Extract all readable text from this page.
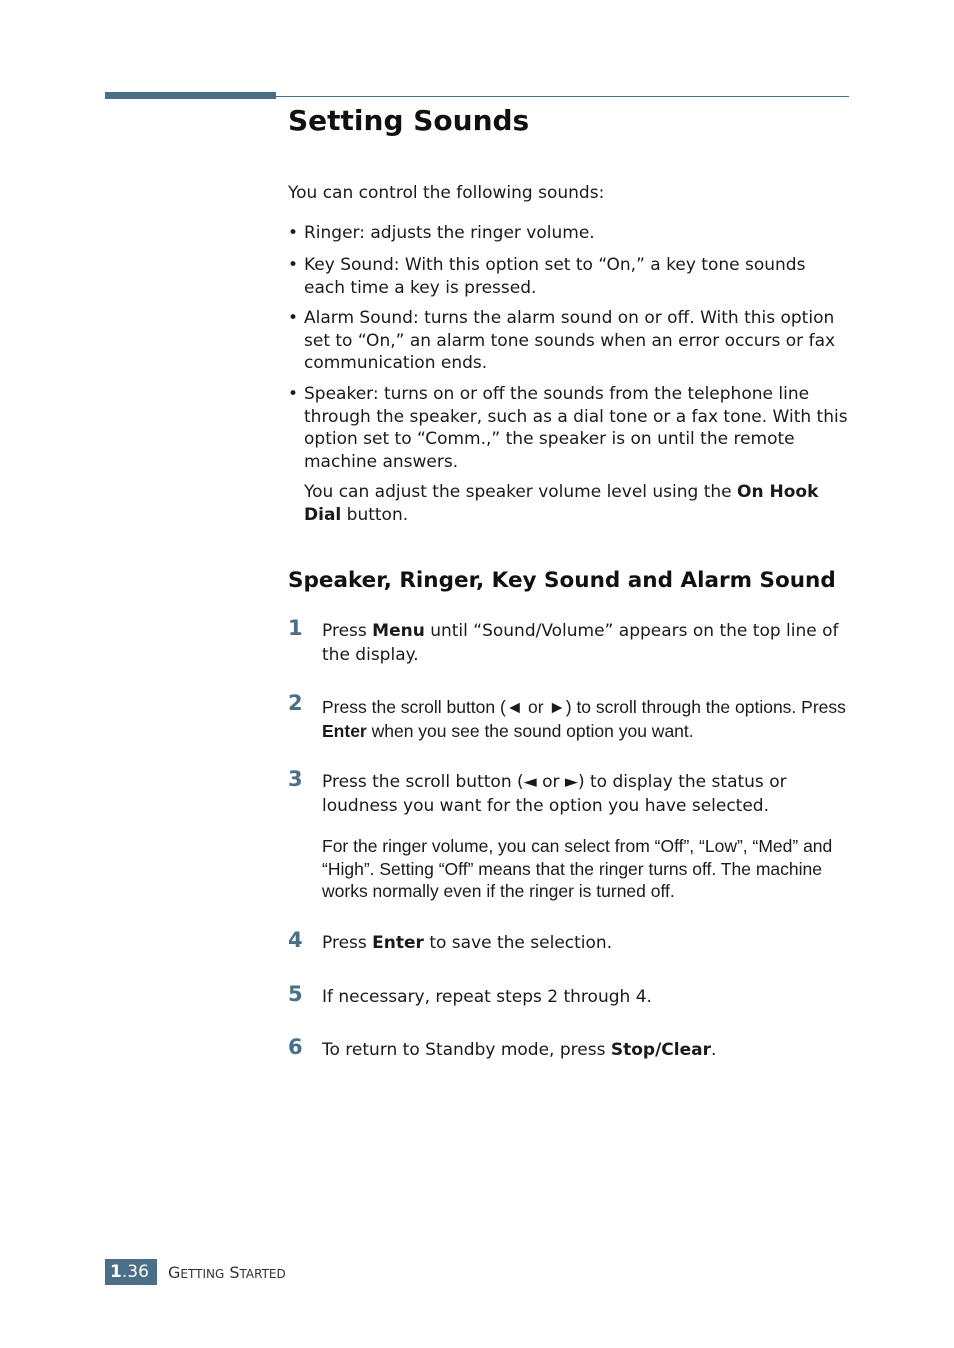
Setting Sounds

You can control the following sounds:

• Ringer: adjusts the ringer volume.
• Key Sound: With this option set to “On,” a key tone sounds each time a key is pressed.
• Alarm Sound: turns the alarm sound on or off. With this option set to “On,” an alarm tone sounds when an error occurs or fax communication ends.
• Speaker: turns on or off the sounds from the telephone line through the speaker, such as a dial tone or a fax tone. With this option set to “Comm.,” the speaker is on until the remote machine answers.

You can adjust the speaker volume level using the On Hook Dial button.

Speaker, Ringer, Key Sound and Alarm Sound
1 Press Menu until “Sound/Volume” appears on the top line of the display.
2 Press the scroll button (◄ or ►) to scroll through the options. Press Enter when you see the sound option you want.
3 Press the scroll button (◄ or ►) to display the status or loudness you want for the option you have selected.

For the ringer volume, you can select from “Off”, “Low”, “Med” and “High”. Setting “Off” means that the ringer turns off. The machine works normally even if the ringer is turned off.

4 Press Enter to save the selection.
5 If necessary, repeat steps 2 through 4.
6 To return to Standby mode, press Stop/Clear.
1.36	GETTING STARTED
